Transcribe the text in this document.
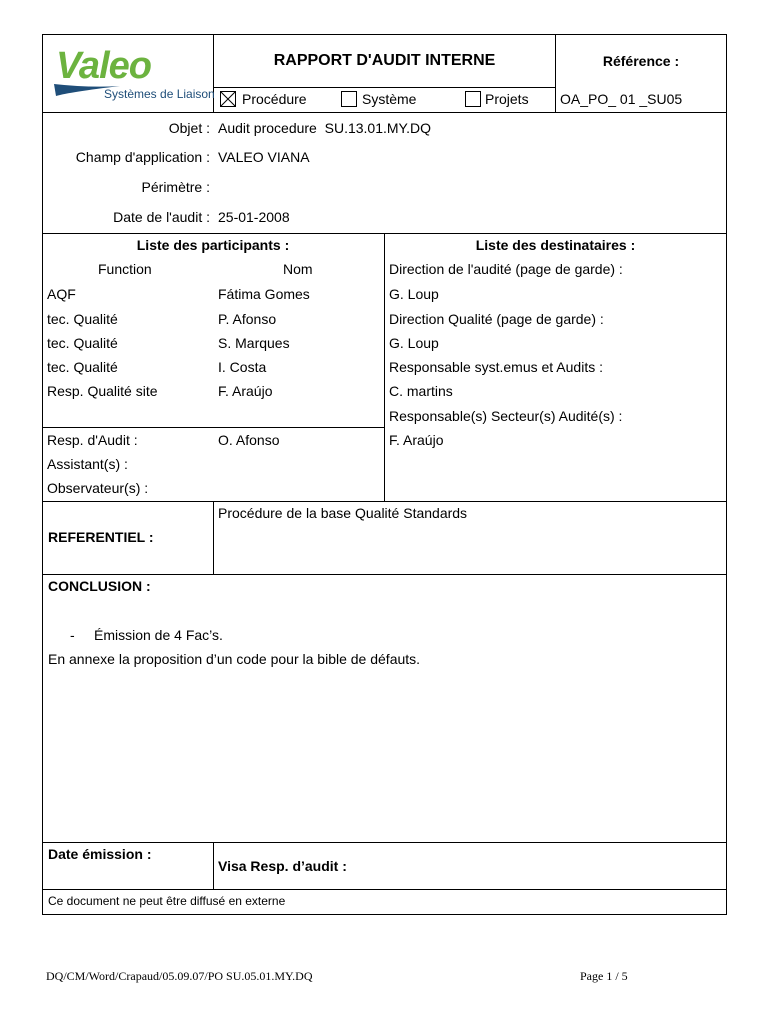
Valeo
Systèmes de Liaison
RAPPORT D'AUDIT INTERNE	Référence :
OA_PO_ 01 _SU05
Procédure	Système	Projets
Objet : Audit procedure  SU.13.01.MY.DQ
Champ d'application : VALEO VIANA
Périmètre :
Date de l'audit : 25-01-2008
Liste des participants :
Function	Nom
AQF	Fátima Gomes
tec. Qualité	P. Afonso
tec. Qualité	S. Marques
tec. Qualité	I. Costa
Resp. Qualité site	F. Araújo
Resp. d'Audit :	O. Afonso
Assistant(s) :
Observateur(s) :
Liste des destinataires :
Direction de l'audité (page de garde) :
G. Loup
Direction Qualité (page de garde) :
G. Loup
Responsable syst.emus et Audits :
C. martins
Responsable(s) Secteur(s) Audité(s) :
F. Araújo
REFERENTIEL :
Procédure de la base Qualité Standards
CONCLUSION :
- Émission de 4 Fac’s.
En annexe la proposition d’un code pour la bible de défauts.
Date émission :
Visa Resp. d’audit :
Ce document ne peut être diffusé en externe
DQ/CM/Word/Crapaud/05.09.07/PO SU.05.01.MY.DQ	Page 1 / 5
